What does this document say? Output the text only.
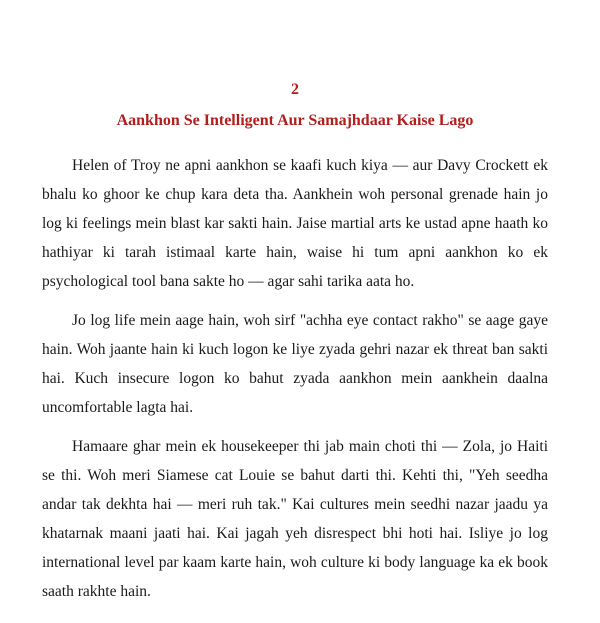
2
Aankhon Se Intelligent Aur Samajhdaar Kaise Lago

Helen of Troy ne apni aankhon se kaafi kuch kiya — aur Davy Crockett ek bhalu ko ghoor ke chup kara deta tha. Aankhein woh personal grenade hain jo log ki feelings mein blast kar sakti hain. Jaise martial arts ke ustad apne haath ko hathiyar ki tarah istimaal karte hain, waise hi tum apni aankhon ko ek psychological tool bana sakte ho — agar sahi tarika aata ho.

Jo log life mein aage hain, woh sirf "achha eye contact rakho" se aage gaye hain. Woh jaante hain ki kuch logon ke liye zyada gehri nazar ek threat ban sakti hai. Kuch insecure logon ko bahut zyada aankhon mein aankhein daalna uncomfortable lagta hai.

Hamaare ghar mein ek housekeeper thi jab main choti thi — Zola, jo Haiti se thi. Woh meri Siamese cat Louie se bahut darti thi. Kehti thi, "Yeh seedha andar tak dekhta hai — meri ruh tak." Kai cultures mein seedhi nazar jaadu ya khatarnak maani jaati hai. Kai jagah yeh disrespect bhi hoti hai. Isliye jo log international level par kaam karte hain, woh culture ki body language ka ek book saath rakhte hain.
